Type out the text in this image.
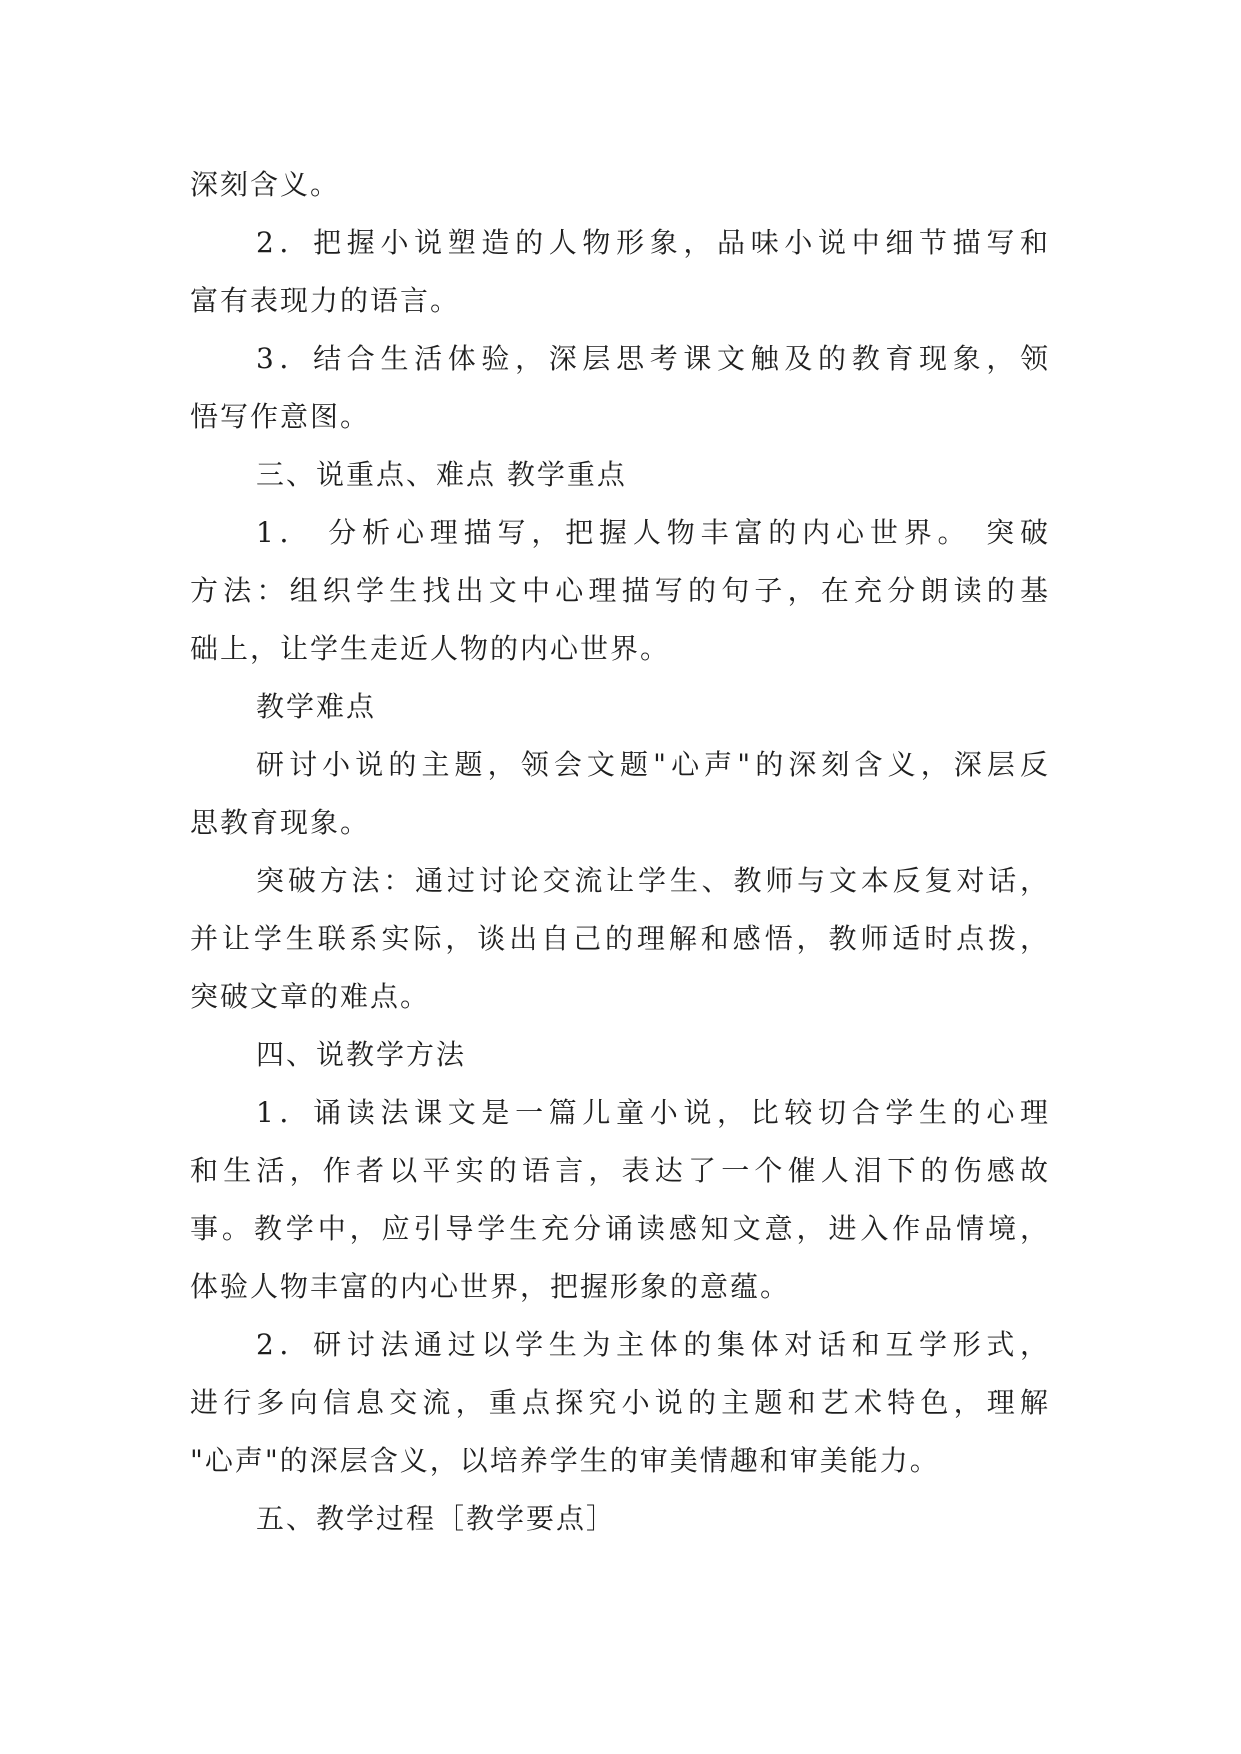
深刻含义。
2．把握小说塑造的人物形象，品味小说中细节描写和
富有表现力的语言。
3．结合生活体验，深层思考课文触及的教育现象，领
悟写作意图。
三、说重点、难点 教学重点
1． 分析心理描写，把握人物丰富的内心世界。 突破
方法：组织学生找出文中心理描写的句子，在充分朗读的基
础上，让学生走近人物的内心世界。
教学难点
研讨小说的主题，领会文题"心声"的深刻含义，深层反
思教育现象。
突破方法：通过讨论交流让学生、教师与文本反复对话，
并让学生联系实际，谈出自己的理解和感悟，教师适时点拨，
突破文章的难点。
四、说教学方法
1．诵读法课文是一篇儿童小说，比较切合学生的心理
和生活，作者以平实的语言，表达了一个催人泪下的伤感故
事。教学中，应引导学生充分诵读感知文意，进入作品情境，
体验人物丰富的内心世界，把握形象的意蕴。
2．研讨法通过以学生为主体的集体对话和互学形式，
进行多向信息交流，重点探究小说的主题和艺术特色，理解
"心声"的深层含义，以培养学生的审美情趣和审美能力。
五、教学过程［教学要点］
